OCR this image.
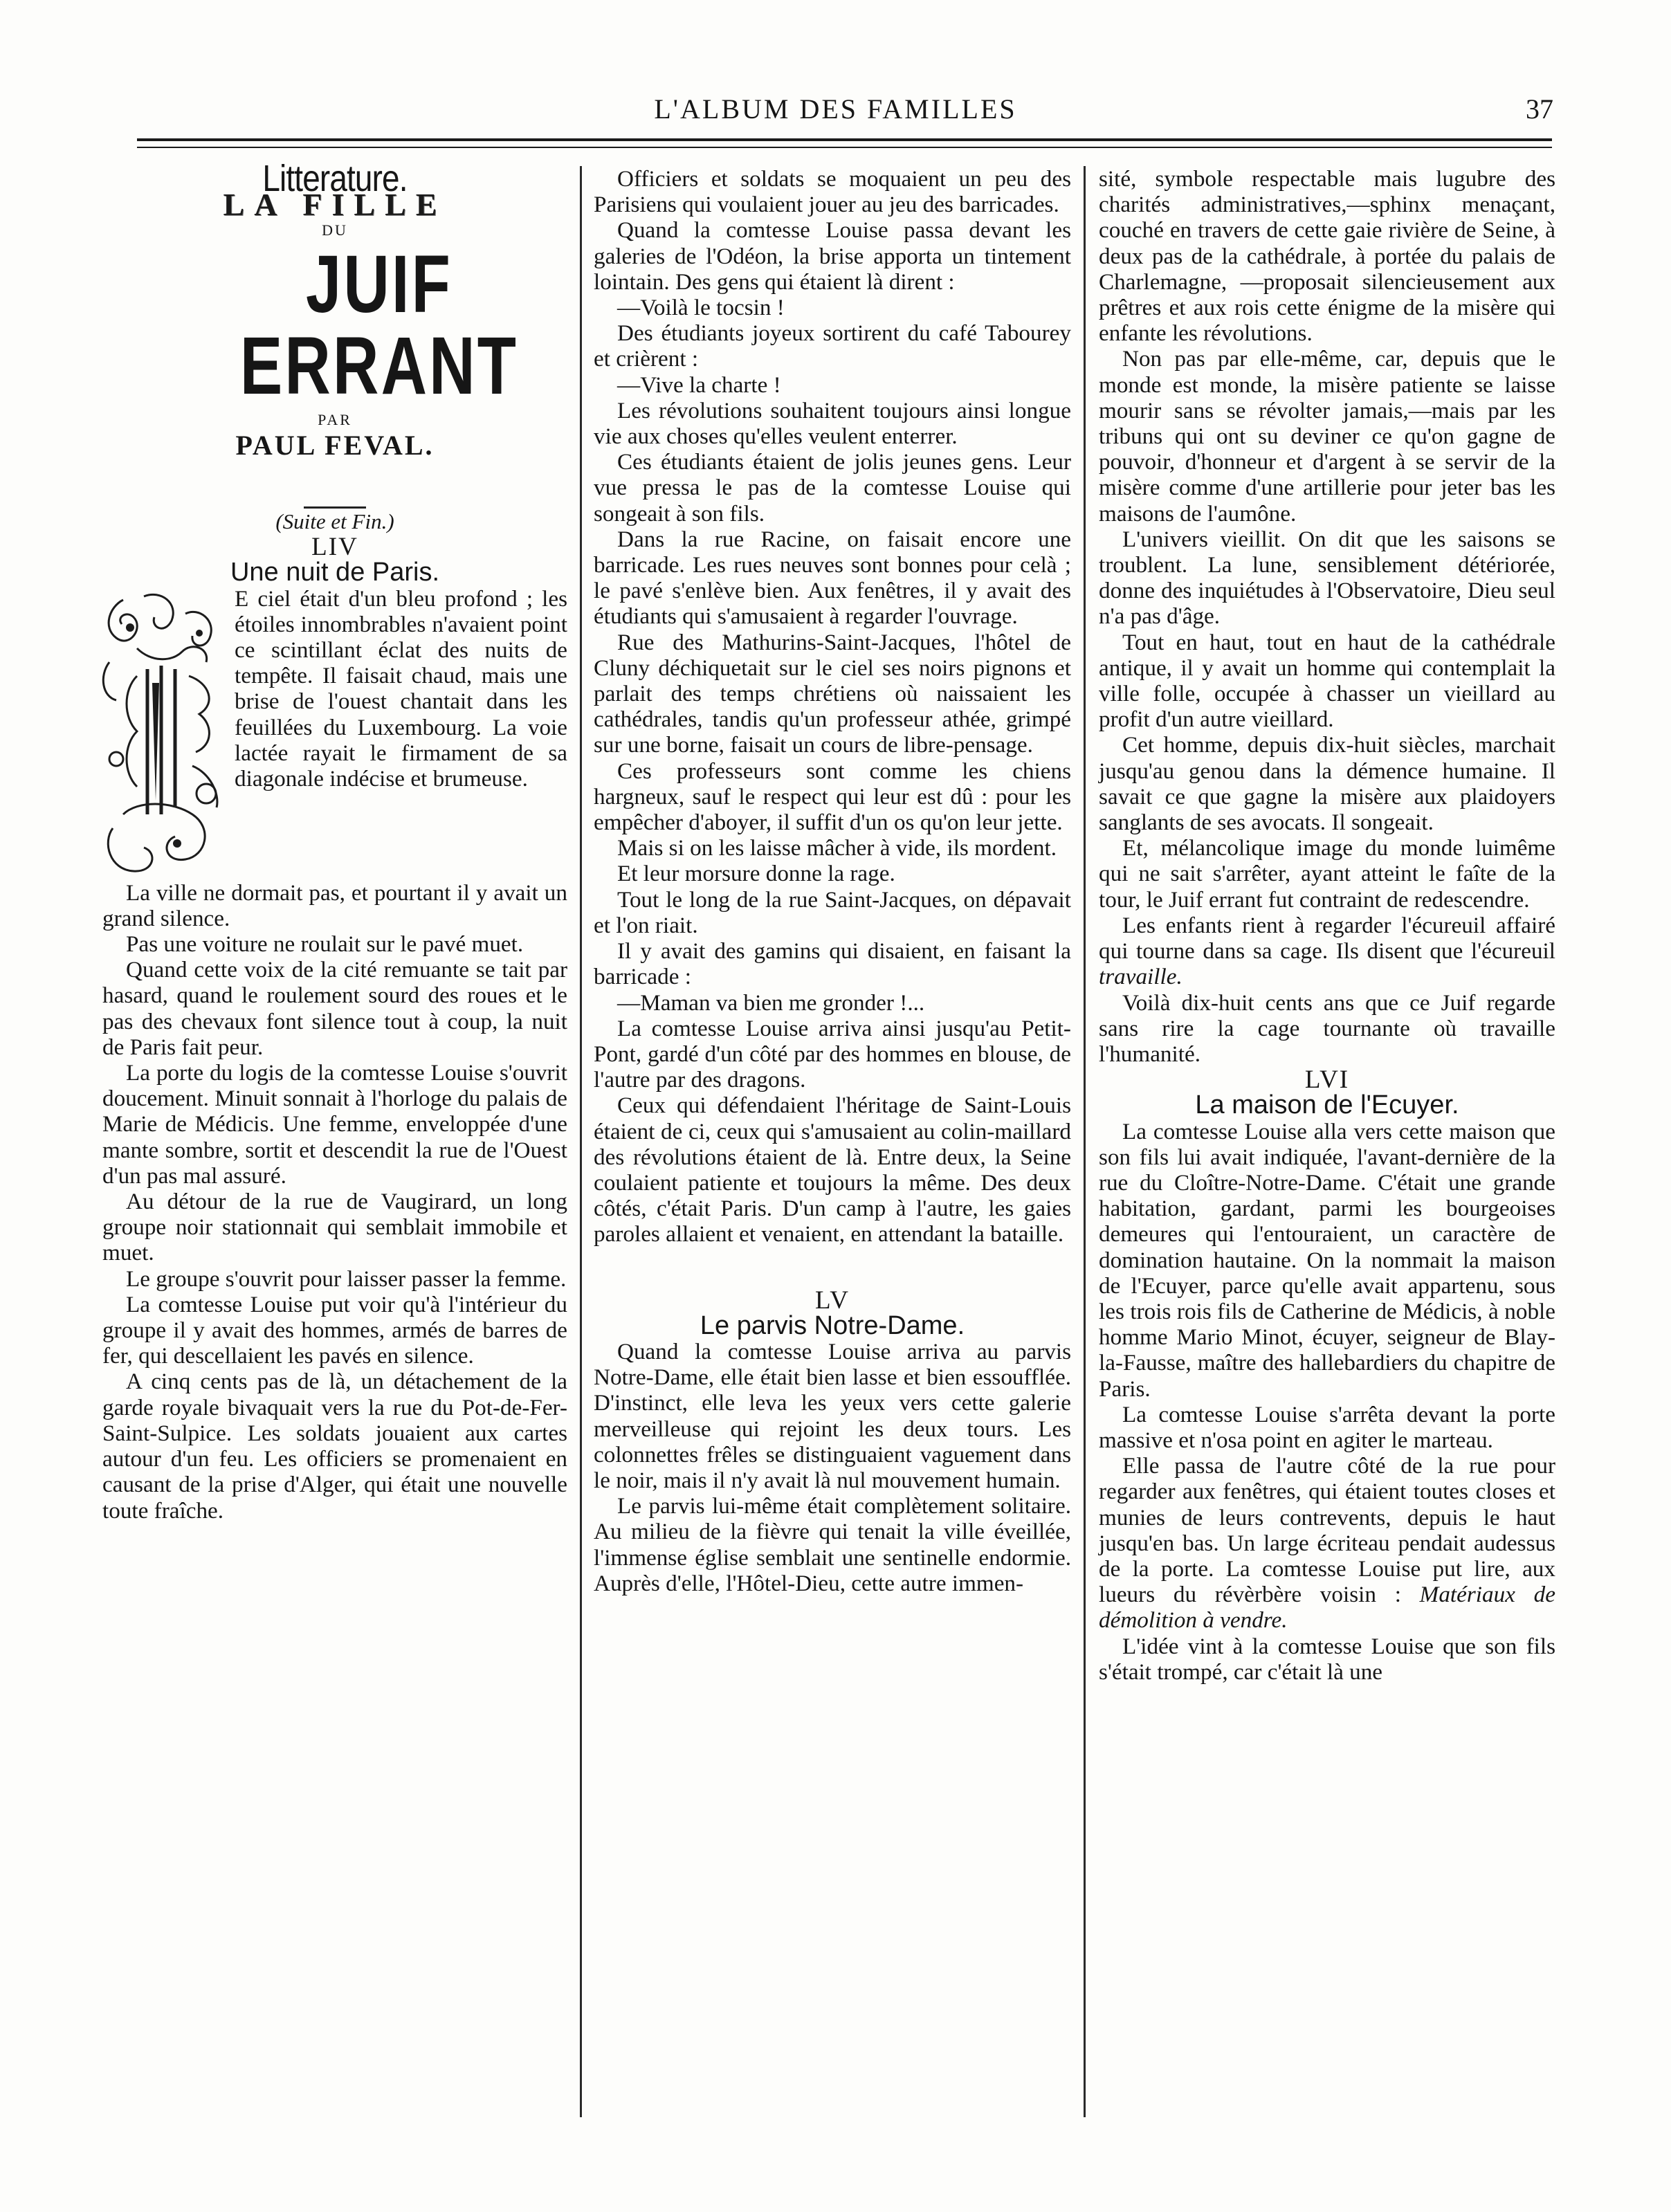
L'ALBUM DES FAMILLES	37

Litterature.

LA FILLE

DU

JUIF ERRANT

PAR

PAUL FEVAL.

(Suite et Fin.)

LIV

Une nuit de Paris.

E ciel était d'un bleu profond ; les étoiles innombrables n'avaient point ce scintillant éclat des nuits de tempête. Il faisait chaud, mais une brise de l'ouest chantait dans les feuillées du Luxembourg. La voie lactée rayait le firmament de sa diagonale indécise et brumeuse.

La ville ne dormait pas, et pourtant il y avait un grand silence.

Pas une voiture ne roulait sur le pavé muet.

Quand cette voix de la cité remuante se tait par hasard, quand le roulement sourd des roues et le pas des chevaux font silence tout à coup, la nuit de Paris fait peur.

La porte du logis de la comtesse Louise s'ouvrit doucement. Minuit sonnait à l'horloge du palais de Marie de Médicis. Une femme, enveloppée d'une mante sombre, sortit et descendit la rue de l'Ouest d'un pas mal assuré.

Au détour de la rue de Vaugirard, un long groupe noir stationnait qui semblait immobile et muet.

Le groupe s'ouvrit pour laisser passer la femme.

La comtesse Louise put voir qu'à l'intérieur du groupe il y avait des hommes, armés de barres de fer, qui descellaient les pavés en silence.

A cinq cents pas de là, un détachement de la garde royale bivaquait vers la rue du Pot-de-Fer-Saint-Sulpice. Les soldats jouaient aux cartes autour d'un feu. Les officiers se promenaient en causant de la prise d'Alger, qui était une nouvelle toute fraîche.

Officiers et soldats se moquaient un peu des Parisiens qui voulaient jouer au jeu des barricades.

Quand la comtesse Louise passa devant les galeries de l'Odéon, la brise apporta un tintement lointain. Des gens qui étaient là dirent :

—Voilà le tocsin !

Des étudiants joyeux sortirent du café Tabourey et crièrent :

—Vive la charte !

Les révolutions souhaitent toujours ainsi longue vie aux choses qu'elles veulent enterrer.

Ces étudiants étaient de jolis jeunes gens. Leur vue pressa le pas de la comtesse Louise qui songeait à son fils.

Dans la rue Racine, on faisait encore une barricade. Les rues neuves sont bonnes pour celà ; le pavé s'enlève bien. Aux fenêtres, il y avait des étudiants qui s'amusaient à regarder l'ouvrage.

Rue des Mathurins-Saint-Jacques, l'hôtel de Cluny déchiquetait sur le ciel ses noirs pignons et parlait des temps chrétiens où naissaient les cathédrales, tandis qu'un professeur athée, grimpé sur une borne, faisait un cours de libre-pensage.

Ces professeurs sont comme les chiens hargneux, sauf le respect qui leur est dû : pour les empêcher d'aboyer, il suffit d'un os qu'on leur jette.

Mais si on les laisse mâcher à vide, ils mordent.

Et leur morsure donne la rage.

Tout le long de la rue Saint-Jacques, on dépavait et l'on riait.

Il y avait des gamins qui disaient, en faisant la barricade :

—Maman va bien me gronder !...

La comtesse Louise arriva ainsi jusqu'au Petit-Pont, gardé d'un côté par des hommes en blouse, de l'autre par des dragons.

Ceux qui défendaient l'héritage de Saint-Louis étaient de ci, ceux qui s'amusaient au colin-maillard des révolutions étaient de là. Entre deux, la Seine coulaient patiente et toujours la même. Des deux côtés, c'était Paris. D'un camp à l'autre, les gaies paroles allaient et venaient, en attendant la bataille.

LV

Le parvis Notre-Dame.

Quand la comtesse Louise arriva au parvis Notre-Dame, elle était bien lasse et bien essoufflée. D'instinct, elle leva les yeux vers cette galerie merveilleuse qui rejoint les deux tours. Les colonnettes frêles se distinguaient vaguement dans le noir, mais il n'y avait là nul mouvement humain.

Le parvis lui-même était complètement solitaire. Au milieu de la fièvre qui tenait la ville éveillée, l'immense église semblait une sentinelle endormie. Auprès d'elle, l'Hôtel-Dieu, cette autre immen-

sité, symbole respectable mais lugubre des charités administratives,—sphinx menaçant, couché en travers de cette gaie rivière de Seine, à deux pas de la cathédrale, à portée du palais de Charlemagne, —proposait silencieusement aux prêtres et aux rois cette énigme de la misère qui enfante les révolutions.

Non pas par elle-même, car, depuis que le monde est monde, la misère patiente se laisse mourir sans se révolter jamais,—mais par les tribuns qui ont su deviner ce qu'on gagne de pouvoir, d'honneur et d'argent à se servir de la misère comme d'une artillerie pour jeter bas les maisons de l'aumône.

L'univers vieillit. On dit que les saisons se troublent. La lune, sensiblement détériorée, donne des inquiétudes à l'Observatoire, Dieu seul n'a pas d'âge.

Tout en haut, tout en haut de la cathédrale antique, il y avait un homme qui contemplait la ville folle, occupée à chasser un vieillard au profit d'un autre vieillard.

Cet homme, depuis dix-huit siècles, marchait jusqu'au genou dans la démence humaine. Il savait ce que gagne la misère aux plaidoyers sanglants de ses avocats. Il songeait.

Et, mélancolique image du monde luimême qui ne sait s'arrêter, ayant atteint le faîte de la tour, le Juif errant fut contraint de redescendre.

Les enfants rient à regarder l'écureuil affairé qui tourne dans sa cage. Ils disent que l'écureuil travaille.

Voilà dix-huit cents ans que ce Juif regarde sans rire la cage tournante où travaille l'humanité.

LVI

La maison de l'Ecuyer.

La comtesse Louise alla vers cette maison que son fils lui avait indiquée, l'avant-dernière de la rue du Cloître-Notre-Dame. C'était une grande habitation, gardant, parmi les bourgeoises demeures qui l'entouraient, un caractère de domination hautaine. On la nommait la maison de l'Ecuyer, parce qu'elle avait appartenu, sous les trois rois fils de Catherine de Médicis, à noble homme Mario Minot, écuyer, seigneur de Blay-la-Fausse, maître des hallebardiers du chapitre de Paris.

La comtesse Louise s'arrêta devant la porte massive et n'osa point en agiter le marteau.

Elle passa de l'autre côté de la rue pour regarder aux fenêtres, qui étaient toutes closes et munies de leurs contrevents, depuis le haut jusqu'en bas. Un large écriteau pendait audessus de la porte. La comtesse Louise put lire, aux lueurs du révèrbère voisin : Matériaux de démolition à vendre.

L'idée vint à la comtesse Louise que son fils s'était trompé, car c'était là une
